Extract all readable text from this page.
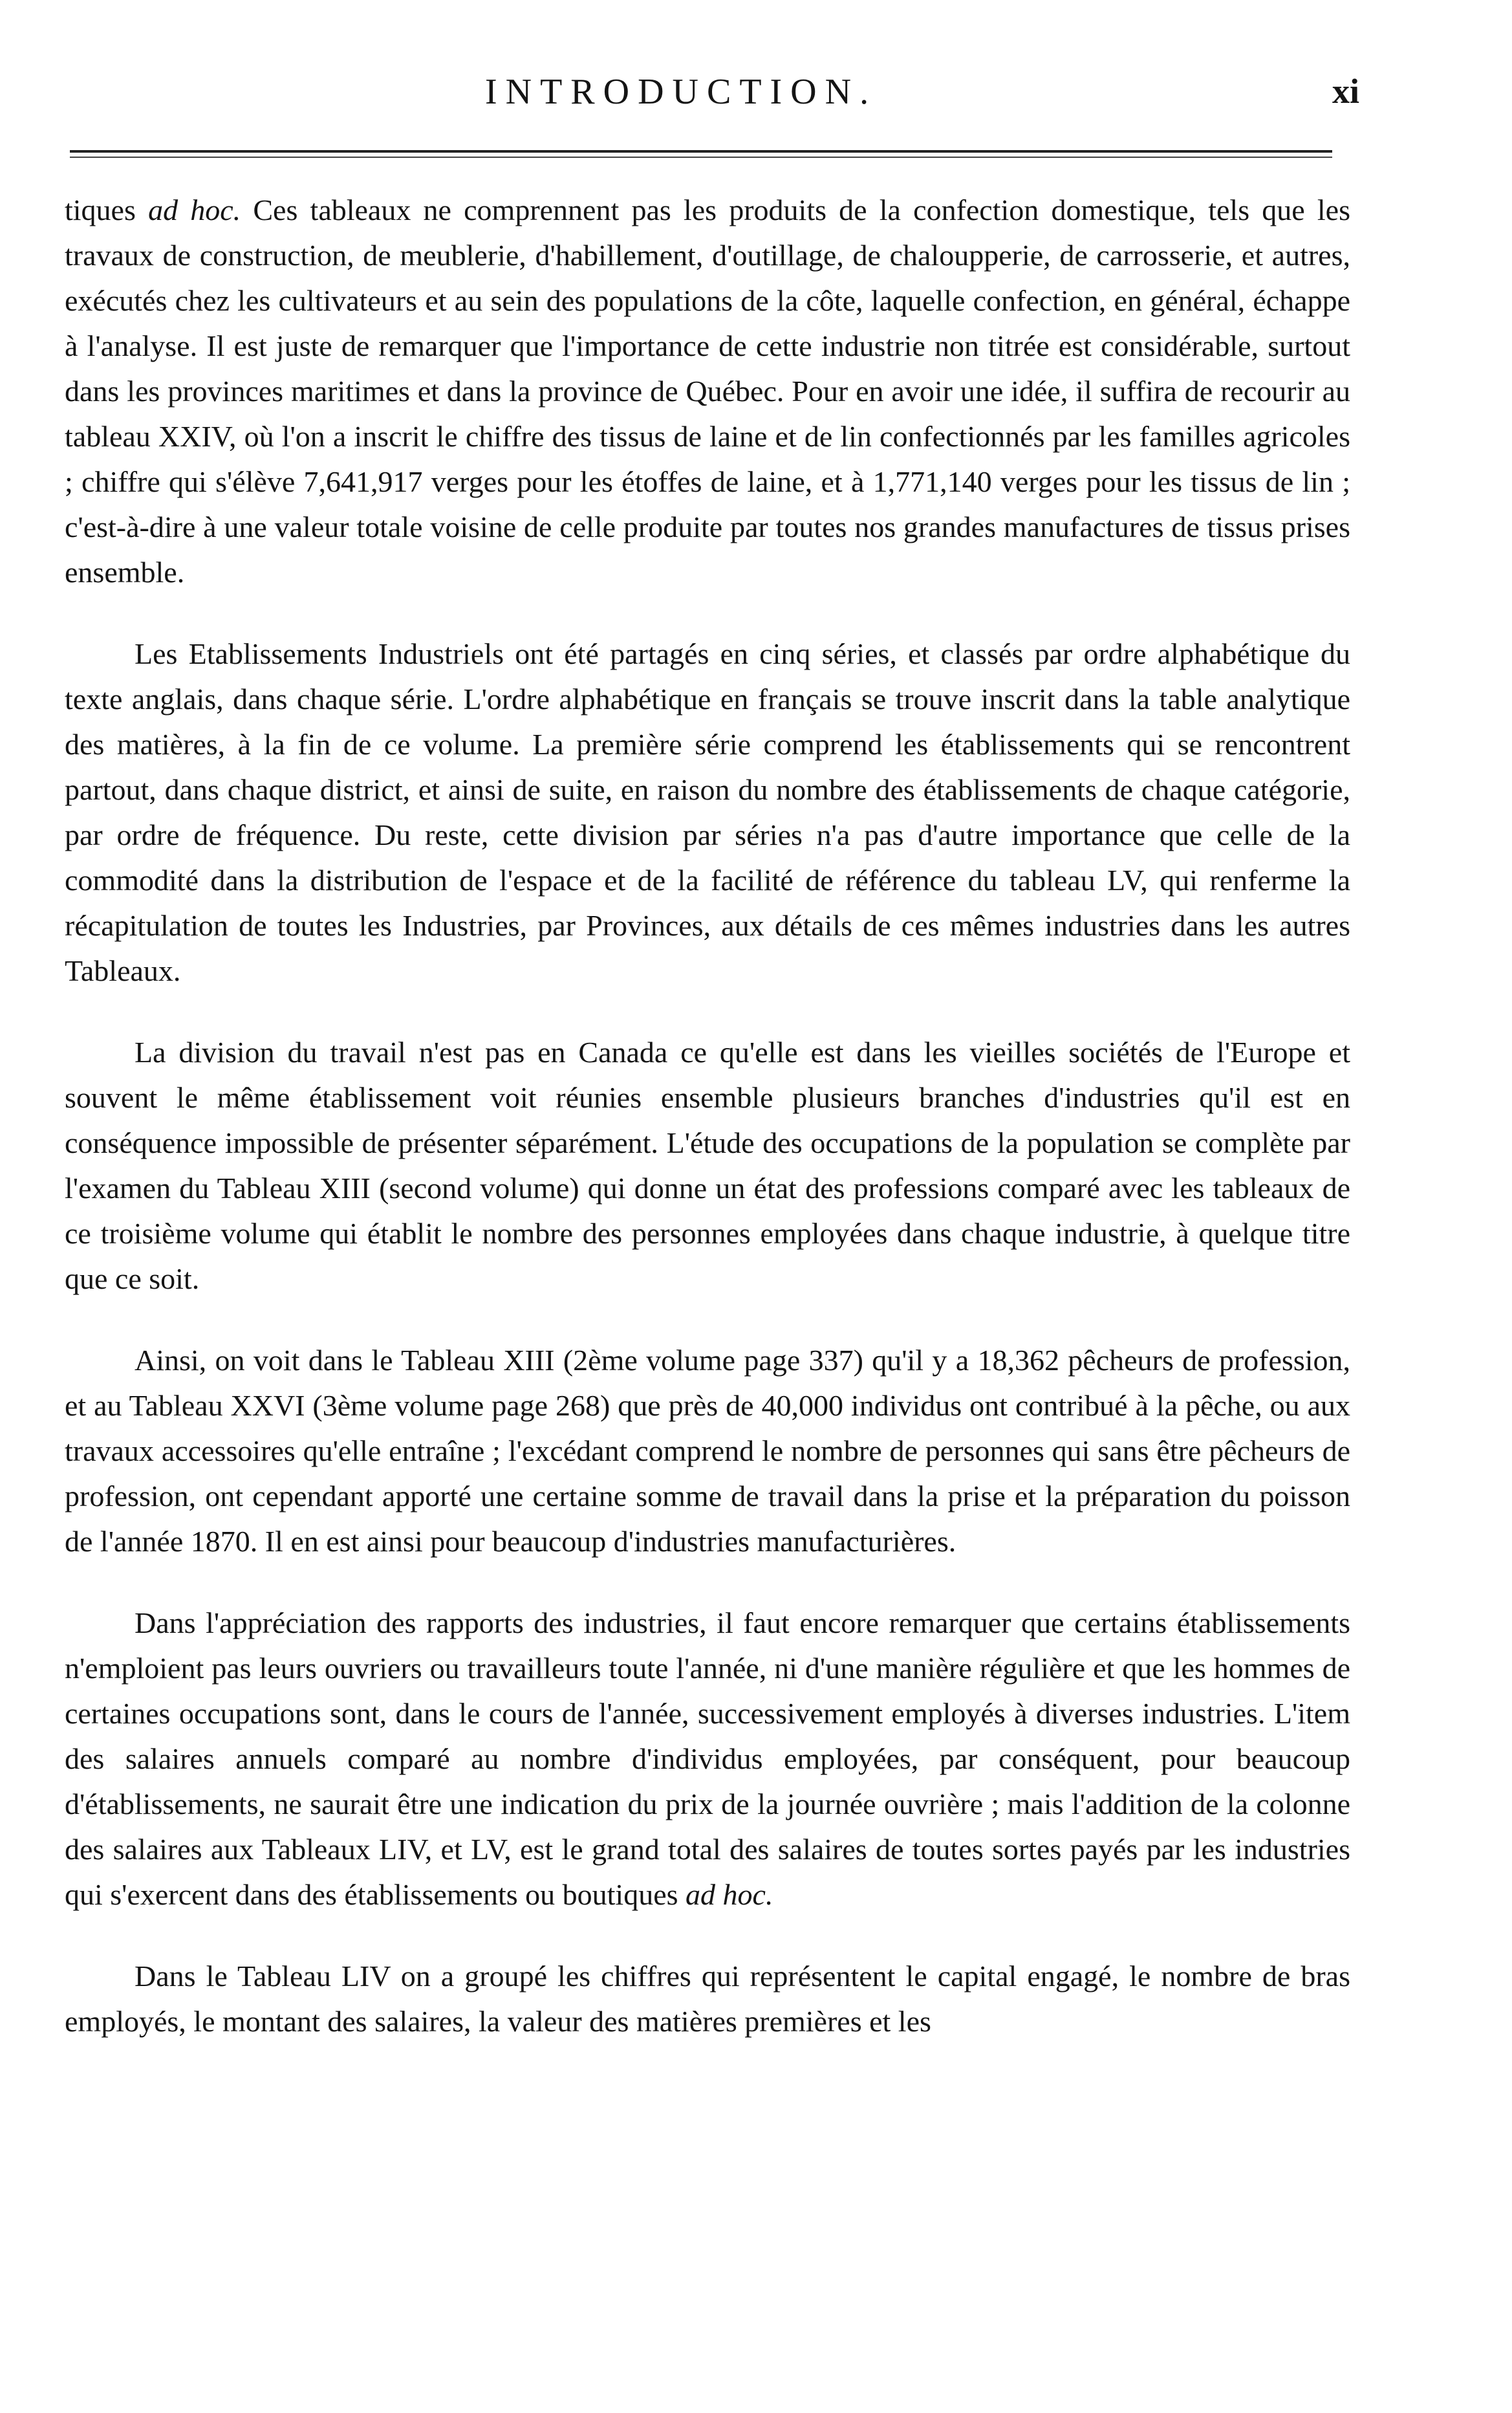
INTRODUCTION.	xi

tiques ad hoc. Ces tableaux ne comprennent pas les produits de la confection domestique, tels que les travaux de construction, de meublerie, d'habillement, d'outillage, de chaloupperie, de carrosserie, et autres, exécutés chez les cultivateurs et au sein des populations de la côte, laquelle confection, en général, échappe à l'analyse. Il est juste de remarquer que l'importance de cette industrie non titrée est considérable, surtout dans les provinces maritimes et dans la province de Québec. Pour en avoir une idée, il suffira de recourir au tableau XXIV, où l'on a inscrit le chiffre des tissus de laine et de lin confectionnés par les familles agricoles ; chiffre qui s'élève 7,641,917 verges pour les étoffes de laine, et à 1,771,140 verges pour les tissus de lin ; c'est-à-dire à une valeur totale voisine de celle produite par toutes nos grandes manufactures de tissus prises ensemble.

Les Etablissements Industriels ont été partagés en cinq séries, et classés par ordre alphabétique du texte anglais, dans chaque série. L'ordre alphabétique en français se trouve inscrit dans la table analytique des matières, à la fin de ce volume. La première série comprend les établissements qui se rencontrent partout, dans chaque district, et ainsi de suite, en raison du nombre des établissements de chaque catégorie, par ordre de fréquence. Du reste, cette division par séries n'a pas d'autre importance que celle de la commodité dans la distribution de l'espace et de la facilité de référence du tableau LV, qui renferme la récapitulation de toutes les Industries, par Provinces, aux détails de ces mêmes industries dans les autres Tableaux.

La division du travail n'est pas en Canada ce qu'elle est dans les vieilles sociétés de l'Europe et souvent le même établissement voit réunies ensemble plusieurs branches d'industries qu'il est en conséquence impossible de présenter séparément. L'étude des occupations de la population se complète par l'examen du Tableau XIII (second volume) qui donne un état des professions comparé avec les tableaux de ce troisième volume qui établit le nombre des personnes employées dans chaque industrie, à quelque titre que ce soit.

Ainsi, on voit dans le Tableau XIII (2ème volume page 337) qu'il y a 18,362 pêcheurs de profession, et au Tableau XXVI (3ème volume page 268) que près de 40,000 individus ont contribué à la pêche, ou aux travaux accessoires qu'elle entraîne ; l'excédant comprend le nombre de personnes qui sans être pêcheurs de profession, ont cependant apporté une certaine somme de travail dans la prise et la préparation du poisson de l'année 1870. Il en est ainsi pour beaucoup d'industries manufacturières.

Dans l'appréciation des rapports des industries, il faut encore remarquer que certains établissements n'emploient pas leurs ouvriers ou travailleurs toute l'année, ni d'une manière régulière et que les hommes de certaines occupations sont, dans le cours de l'année, successivement employés à diverses industries. L'item des salaires annuels comparé au nombre d'individus employées, par conséquent, pour beaucoup d'établissements, ne saurait être une indication du prix de la journée ouvrière ; mais l'addition de la colonne des salaires aux Tableaux LIV, et LV, est le grand total des salaires de toutes sortes payés par les industries qui s'exercent dans des établissements ou boutiques ad hoc.

Dans le Tableau LIV on a groupé les chiffres qui représentent le capital engagé, le nombre de bras employés, le montant des salaires, la valeur des matières premières et les
